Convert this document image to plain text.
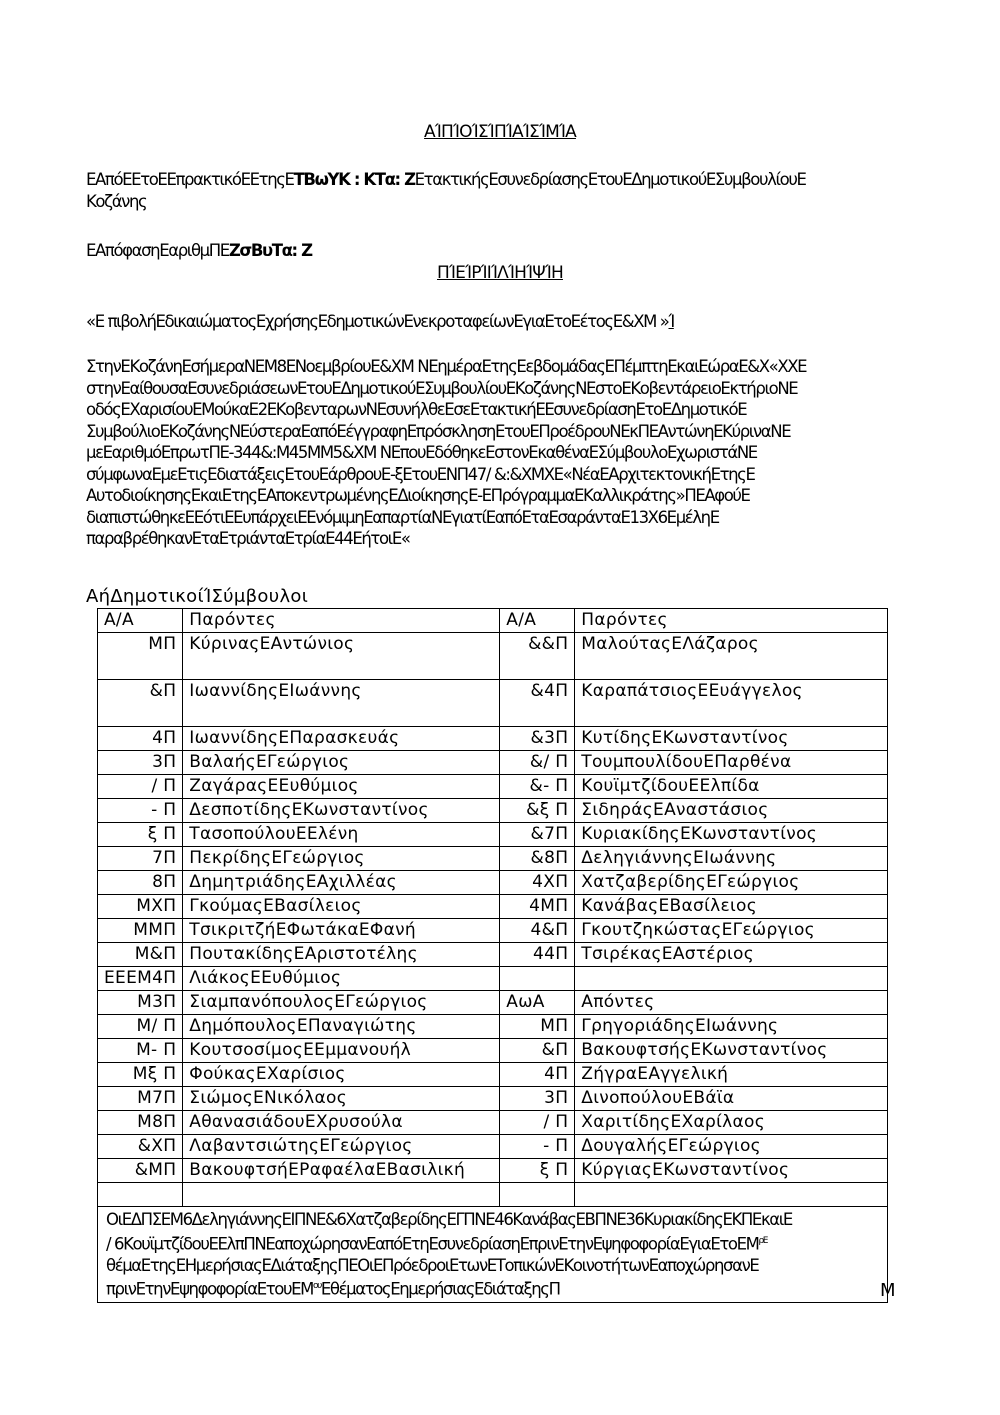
ΑΊΠΊΟΊΣΊΠΊΑΊΣΊΜΊΑ
ΕΑπόΕΕτοΕΕπρακτικόΕΕτηςΕΤΒωΥΚ : ΚΤα: ΖΕτακτικήςΕσυνεδρίασηςΕτουΕΔημοτικούΕΣυμβουλίουΕ
Κοζάνης
ΕΑπόφασηΕαριθμΠΕΖσΒυΤα: Ζ
ΠΊΕΊΡΊΙΊΛΊΗΊΨΊΗ
«Ε πιβολήΕδικαιώματοςΕχρήσηςΕδημοτικώνΕνεκροταφείωνΕγιαΕτοΕέτοςΕ&ΧΜ »Ί
ΣτηνΕΚοζάνηΕσήμεραΝΕΜ8ΕΝοεμβρίουΕ&ΧΜ ΝΕημέραΕτηςΕεβδομάδαςΕΠέμπτηΕκαιΕώραΕ&Χ«ΧΧΕ
στηνΕαίθουσαΕσυνεδριάσεωνΕτουΕΔημοτικούΕΣυμβουλίουΕΚοζάνηςΝΕστοΕΚοβεντάρειοΕκτήριοΝΕ
οδόςΕΧαρισίουΕΜούκαΕ2ΕΚοβενταρωνΝΕσυνήλθεΕσεΕτακτικήΕΕσυνεδρίασηΕτοΕΔημοτικόΕ
ΣυμβούλιοΕΚοζάνηςΝΕύστεραΕαπόΕέγγραφηΕπρόσκλησηΕτουΕΠροέδρουΝΕκΠΕΑντώνηΕΚύριναΝΕ
μεΕαριθμόΕπρωτΠΕ-344&:Μ45ΜΜ5&ΧΜ ΝΕπουΕδόθηκεΕστονΕκαθέναΕΣύμβουλοΕχωριστάΝΕ
σύμφωναΕμεΕτιςΕδιατάξειςΕτουΕάρθρουΕ-ξΕτουΕΝΠ47/ &:&ΧΜΧΕ«ΝέαΕΑρχιτεκτονικήΕτηςΕ
ΑυτοδιοίκησηςΕκαιΕτηςΕΑποκεντρωμένηςΕΔιοίκησηςΕ-ΕΠρόγραμμαΕΚαλλικράτης»ΠΕΑφούΕ
διαπιστώθηκεΕΕότιΕΕυπάρχειΕΕνόμιμηΕαπαρτίαΝΕγιατίΕαπόΕταΕσαράνταΕ13Χ6ΕμέληΕ
παραβρέθηκανΕταΕτριάνταΕτρίαΕ44ΕήτοιΕ«
ΑήΔημοτικοίΊΣύμβουλοι
Α/Α	Παρόντες	Α/Α	Παρόντες
ΜΠ	ΚύριναςΕΑντώνιος	&&Π	ΜαλούταςΕΛάζαρος
&Π	ΙωαννίδηςΕΙωάννης	&4Π	ΚαραπάτσιοςΕΕυάγγελος
4Π	ΙωαννίδηςΕΠαρασκευάς	&3Π	ΚυτίδηςΕΚωνσταντίνος
3Π	ΒαλαήςΕΓεώργιος	&/ Π	ΤουμπουλίδουΕΠαρθένα
/ Π	ΖαγάραςΕΕυθύμιος	&- Π	ΚουϊμτζίδουΕΕλπίδα
- Π	ΔεσποτίδηςΕΚωνσταντίνος	&ξ Π	ΣιδηράςΕΑναστάσιος
ξ Π	ΤασοπούλουΕΕλένη	&7Π	ΚυριακίδηςΕΚωνσταντίνος
7Π	ΠεκρίδηςΕΓεώργιος	&8Π	ΔεληγιάννηςΕΙωάννης
8Π	ΔημητριάδηςΕΑχιλλέας	4ΧΠ	ΧατζαβερίδηςΕΓεώργιος
ΜΧΠ	ΓκούμαςΕΒασίλειος	4ΜΠ	ΚανάβαςΕΒασίλειος
ΜΜΠ	ΤσικριτζήΕΦωτάκαΕΦανή	4&Π	ΓκουτζηκώσταςΕΓεώργιος
Μ&Π	ΠουτακίδηςΕΑριστοτέλης	44Π	ΤσιρέκαςΕΑστέριος
ΕΕΕΜ4Π	ΛιάκοςΕΕυθύμιος		
Μ3Π	ΣιαμπανόπουλοςΕΓεώργιος	ΑωΑ	Απόντες
Μ/ Π	ΔημόπουλοςΕΠαναγιώτης	ΜΠ	ΓρηγοριάδηςΕΙωάννης
Μ- Π	ΚουτσοσίμοςΕΕμμανουήλ	&Π	ΒακουφτσήςΕΚωνσταντίνος
Μξ Π	ΦούκαςΕΧαρίσιος	4Π	ΖήγραΕΑγγελική
Μ7Π	ΣιώμοςΕΝικόλαος	3Π	ΔινοπούλουΕΒάϊα
Μ8Π	ΑθανασιάδουΕΧρυσούλα	/ Π	ΧαριτίδηςΕΧαρίλαος
&ΧΠ	ΛαβαντσιώτηςΕΓεώργιος	- Π	ΔουγαλήςΕΓεώργιος
&ΜΠ	ΒακουφτσήΕΡαφαέλαΕΒασιλική	ξ Π	ΚύργιαςΕΚωνσταντίνος

ΟιΕΔΠΣΕΜ6ΔεληγιάννηςΕΙΠΝΕ&6ΧατζαβερίδηςΕΓΠΝΕ46ΚανάβαςΕΒΠΝΕ36ΚυριακίδηςΕΚΠΕκαιΕ
/ 6ΚουϊμτζίδουΕΕλπΠΝΕαποχώρησανΕαπόΕτηΕσυνεδρίασηΕπρινΕτηνΕψηφοφορίαΕγιαΕτοΕΜ$^{\rho E}$
θέμαΕτηςΕΗμερήσιαςΕΔιάταξηςΠΕΟιΕΠρόεδροιΕτωνΕΤοπικώνΕΚοινοτήτωνΕαποχώρησανΕ
πρινΕτηνΕψηφοφορίαΕτουΕΜ$^{o\upsilon}$ΕθέματοςΕημερήσιαςΕδιάταξηςΠ				Μ
